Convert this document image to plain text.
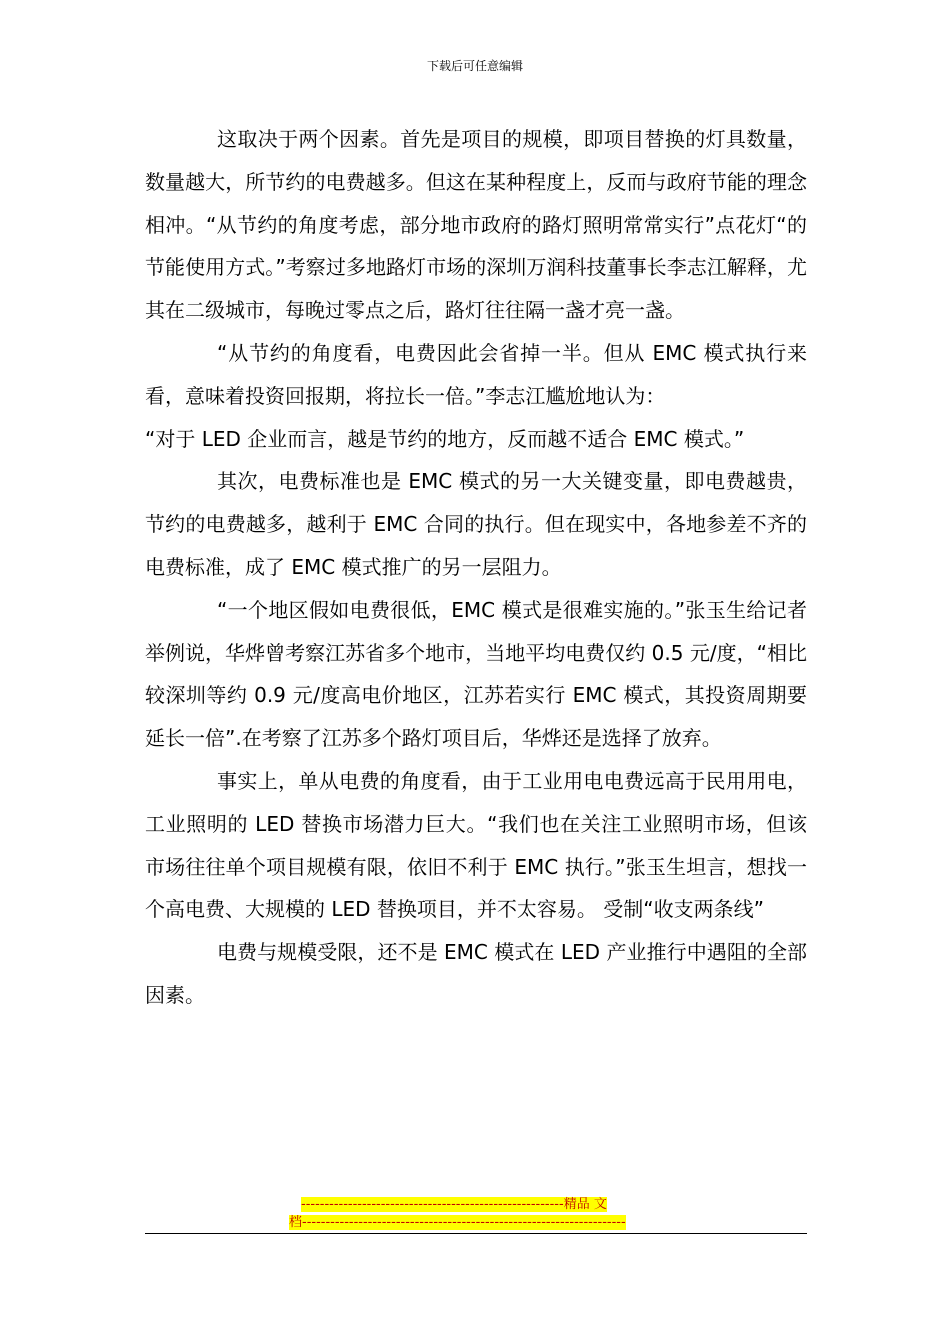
下载后可任意编辑

这取决于两个因素。首先是项目的规模，即项目替换的灯具数量，数量越大，所节约的电费越多。但这在某种程度上，反而与政府节能的理念相冲。“从节约的角度考虑，部分地市政府的路灯照明常常实行”点花灯“的节能使用方式。”考察过多地路灯市场的深圳万润科技董事长李志江解释，尤其在二级城市，每晚过零点之后，路灯往往隔一盏才亮一盏。

“从节约的角度看，电费因此会省掉一半。但从 EMC 模式执行来看，意味着投资回报期，将拉长一倍。”李志江尴尬地认为：

“对于 LED 企业而言，越是节约的地方，反而越不适合 EMC 模式。”

其次，电费标准也是 EMC 模式的另一大关键变量，即电费越贵，节约的电费越多，越利于 EMC 合同的执行。但在现实中，各地参差不齐的电费标准，成了 EMC 模式推广的另一层阻力。

“一个地区假如电费很低，EMC 模式是很难实施的。”张玉生给记者举例说，华烨曾考察江苏省多个地市，当地平均电费仅约 0.5 元/度，“相比较深圳等约 0.9 元/度高电价地区，江苏若实行 EMC 模式，其投资周期要延长一倍”.在考察了江苏多个路灯项目后，华烨还是选择了放弃。

事实上，单从电费的角度看，由于工业用电电费远高于民用用电，工业照明的 LED 替换市场潜力巨大。“我们也在关注工业照明市场，但该市场往往单个项目规模有限，依旧不利于 EMC 执行。”张玉生坦言，想找一个高电费、大规模的 LED 替换项目，并不太容易。 受制“收支两条线”

电费与规模受限，还不是 EMC 模式在 LED 产业推行中遇阻的全部因素。

--------------------------------------------------------精品 文
档---------------------------------------------------------------------
